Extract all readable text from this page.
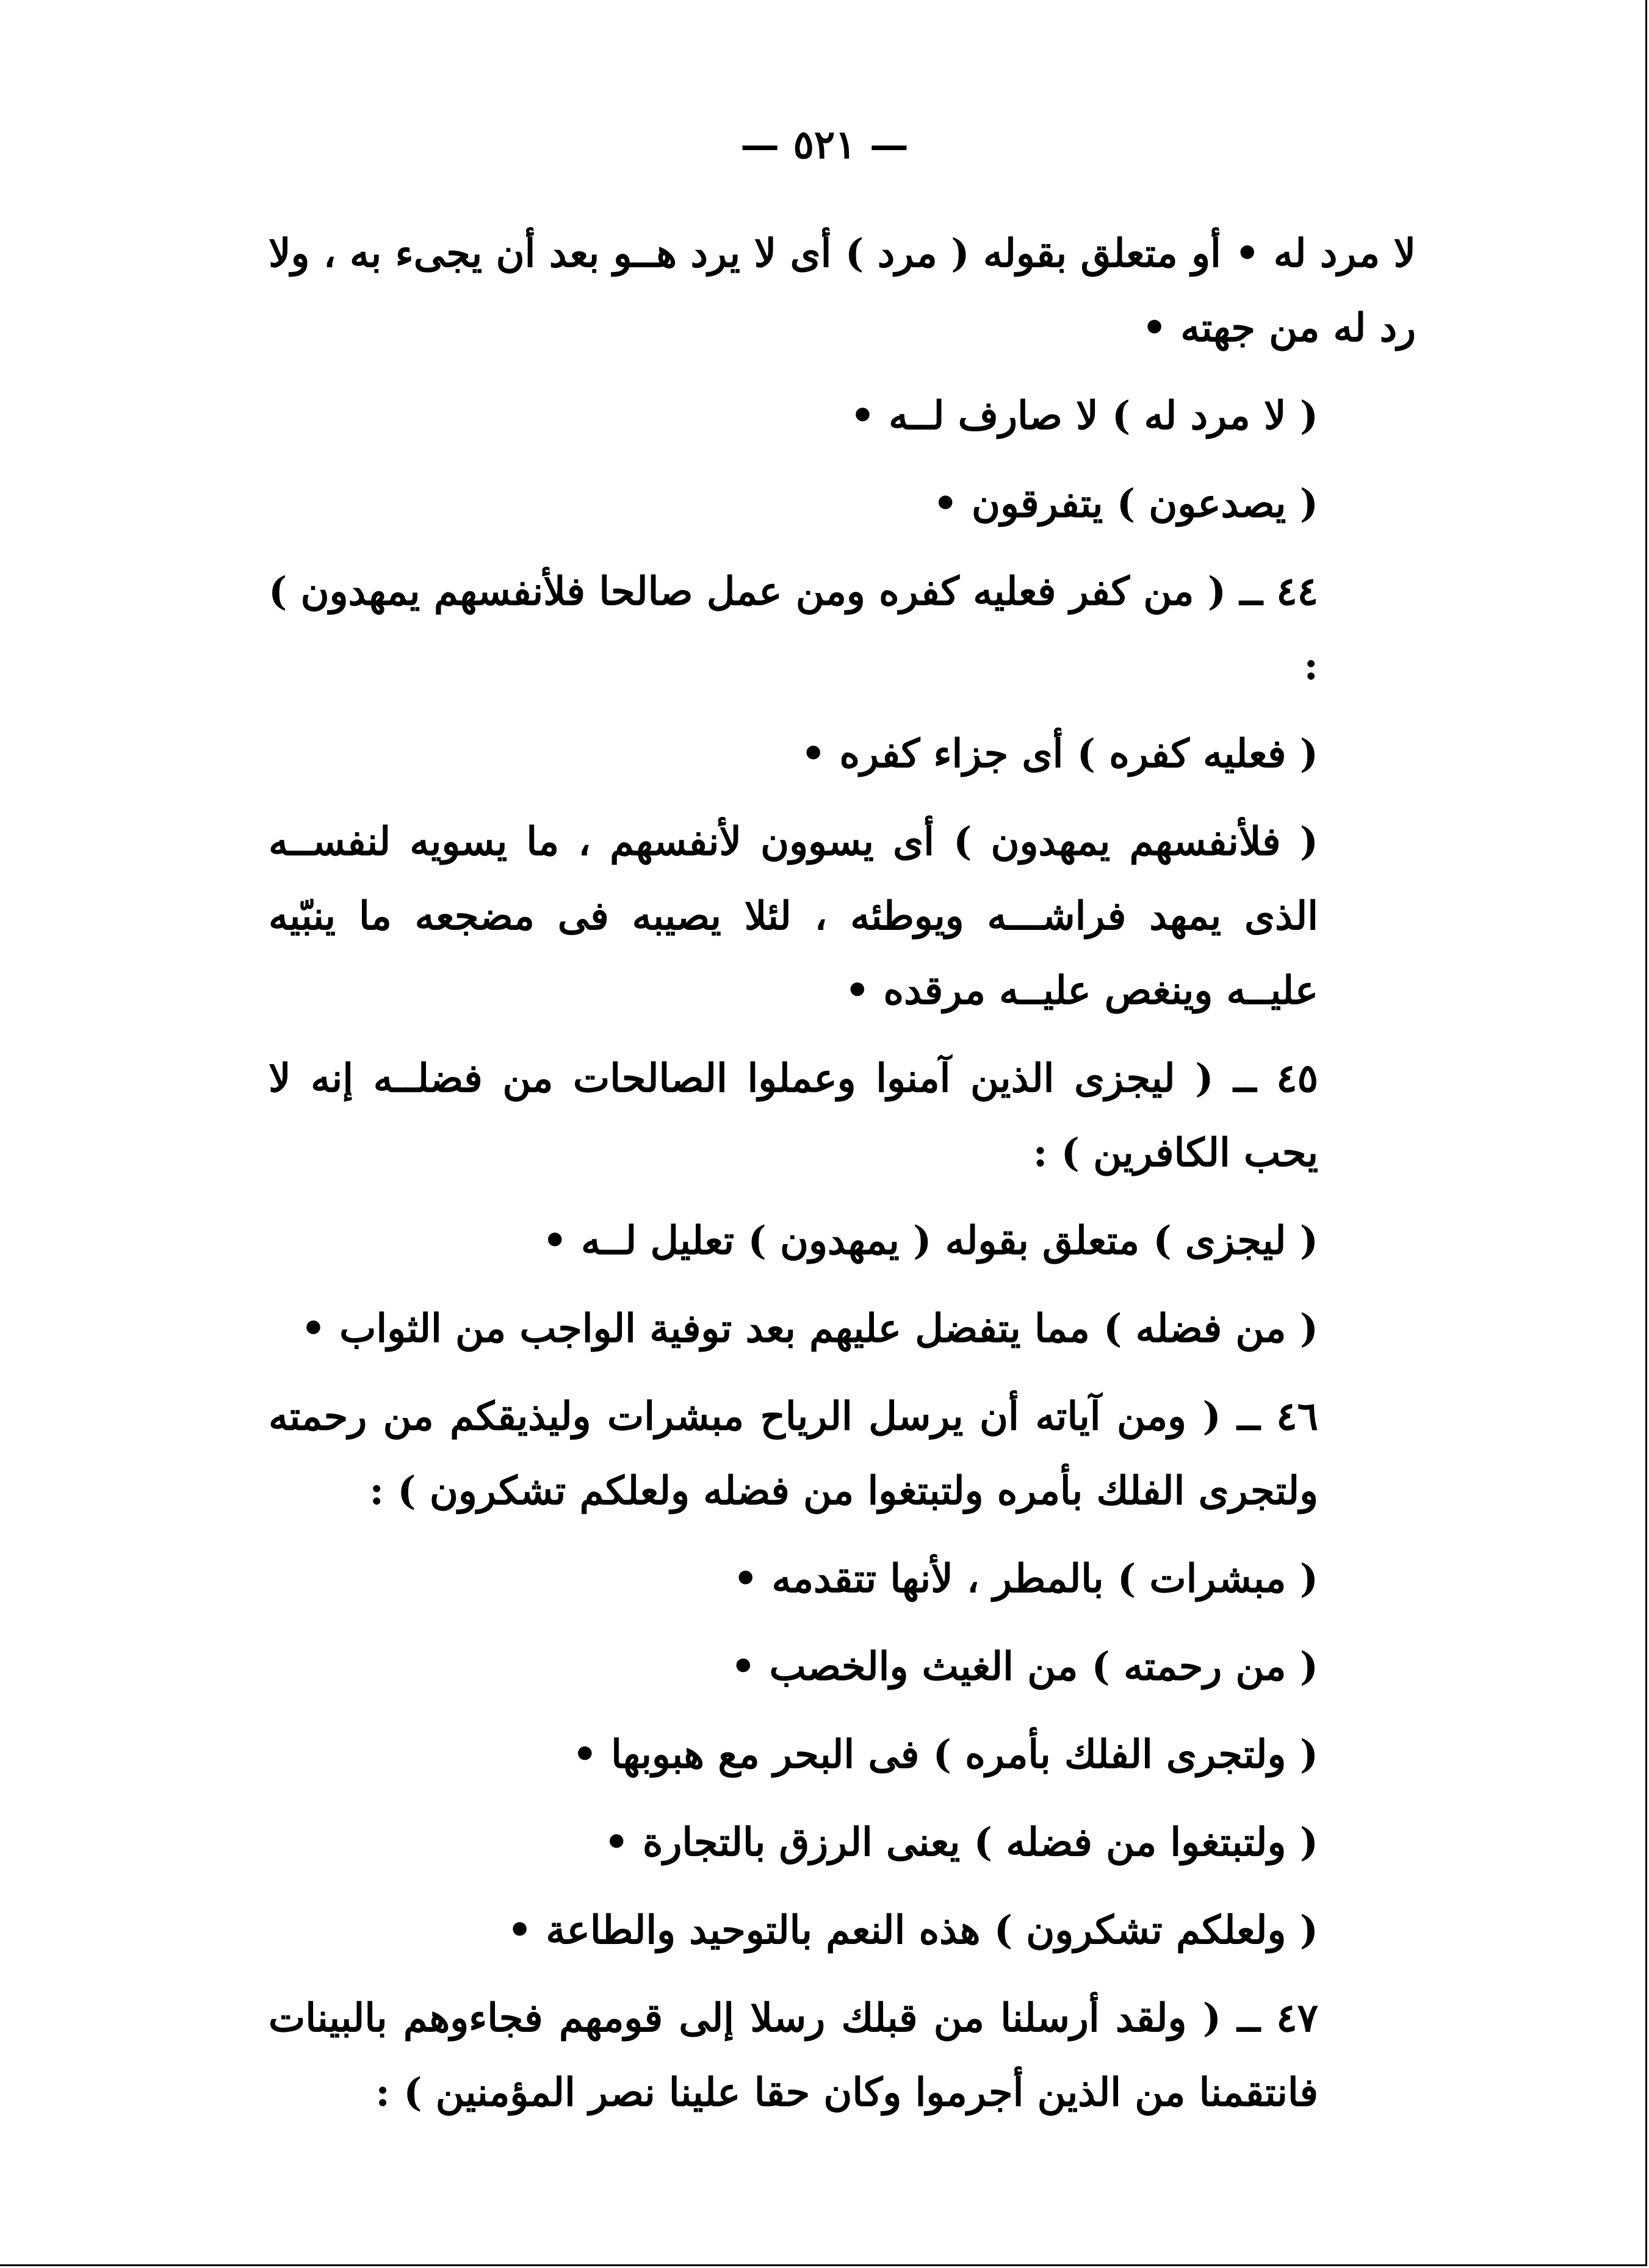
— ٥٢١ —

لا مرد له • أو متعلق بقوله ( مرد ) أى لا يرد هــو بعد أن يجىء به ، ولا رد له من جهته •

( لا مرد له ) لا صارف لــه •

( يصدعون ) يتفرقون •

٤٤ ــ ( من كفر فعليه كفره ومن عمل صالحا فلأنفسهم يمهدون ) :

( فعليه كفره ) أى جزاء كفره •

( فلأنفسهم يمهدون ) أى يسوون لأنفسهم ، ما يسويه لنفســه الذى يمهد فراشـــه ويوطئه ، لئلا يصيبه فى مضجعه ما ينبّيه عليــه وينغص عليــه مرقده •

٤٥ ــ ( ليجزى الذين آمنوا وعملوا الصالحات من فضلــه إنه لا يحب الكافرين ) :

( ليجزى ) متعلق بقوله ( يمهدون ) تعليل لــه •

( من فضله ) مما يتفضل عليهم بعد توفية الواجب من الثواب •

٤٦ ــ ( ومن آياته أن يرسل الرياح مبشرات وليذيقكم من رحمته ولتجرى الفلك بأمره ولتبتغوا من فضله ولعلكم تشكرون ) :

( مبشرات ) بالمطر ، لأنها تتقدمه •

( من رحمته ) من الغيث والخصب •

( ولتجرى الفلك بأمره ) فى البحر مع هبوبها •

( ولتبتغوا من فضله ) يعنى الرزق بالتجارة •

( ولعلكم تشكرون ) هذه النعم بالتوحيد والطاعة •

٤٧ ــ ( ولقد أرسلنا من قبلك رسلا إلى قومهم فجاءوهم بالبينات فانتقمنا من الذين أجرموا وكان حقا علينا نصر المؤمنين ) :
